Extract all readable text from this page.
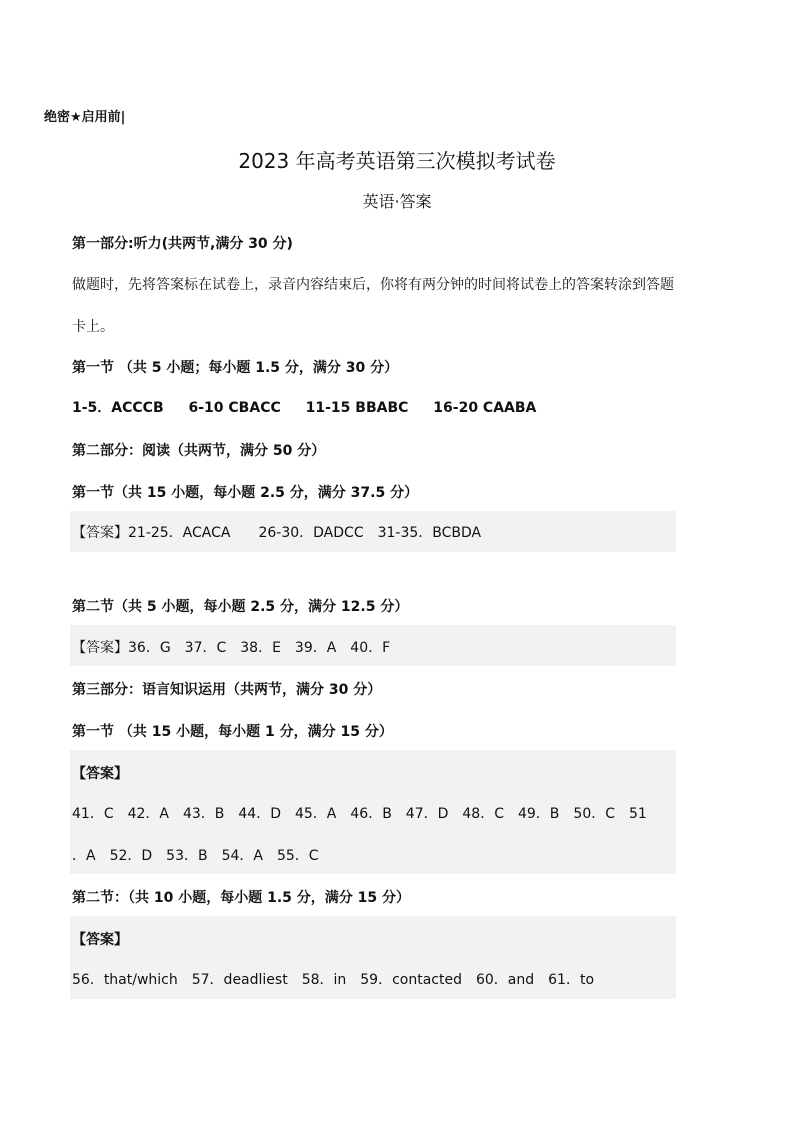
绝密★启用前|
2023 年高考英语第三次模拟考试卷
英语·答案
第一部分:听力(共两节,满分 30 分)
做题时，先将答案标在试卷上，录音内容结束后，你将有两分钟的时间将试卷上的答案转涂到答题
卡上。
第一节 （共 5 小题；每小题 1.5 分，满分 30 分）
1-5．ACCCB 6-10 CBACC 11-15 BBABC 16-20 CAABA
第二部分：阅读（共两节，满分 50 分）
第一节（共 15 小题，每小题 2.5 分，满分 37.5 分）
【答案】21-25．ACACA　　26-30．DADCC　31-35．BCBDA
第二节（共 5 小题，每小题 2.5 分，满分 12.5 分）
【答案】36．G　37．C　38．E　39．A　40．F
第三部分：语言知识运用（共两节，满分 30 分）
第一节 （共 15 小题，每小题 1 分，满分 15 分）
【答案】
41．C　42．A　43．B　44．D　45．A　46．B　47．D　48．C　49．B　50．C　51
．A　52．D　53．B　54．A　55．C
第二节：（共 10 小题，每小题 1.5 分，满分 15 分）
【答案】
56．that/which　57．deadliest　58．in　59．contacted　60．and　61．to
